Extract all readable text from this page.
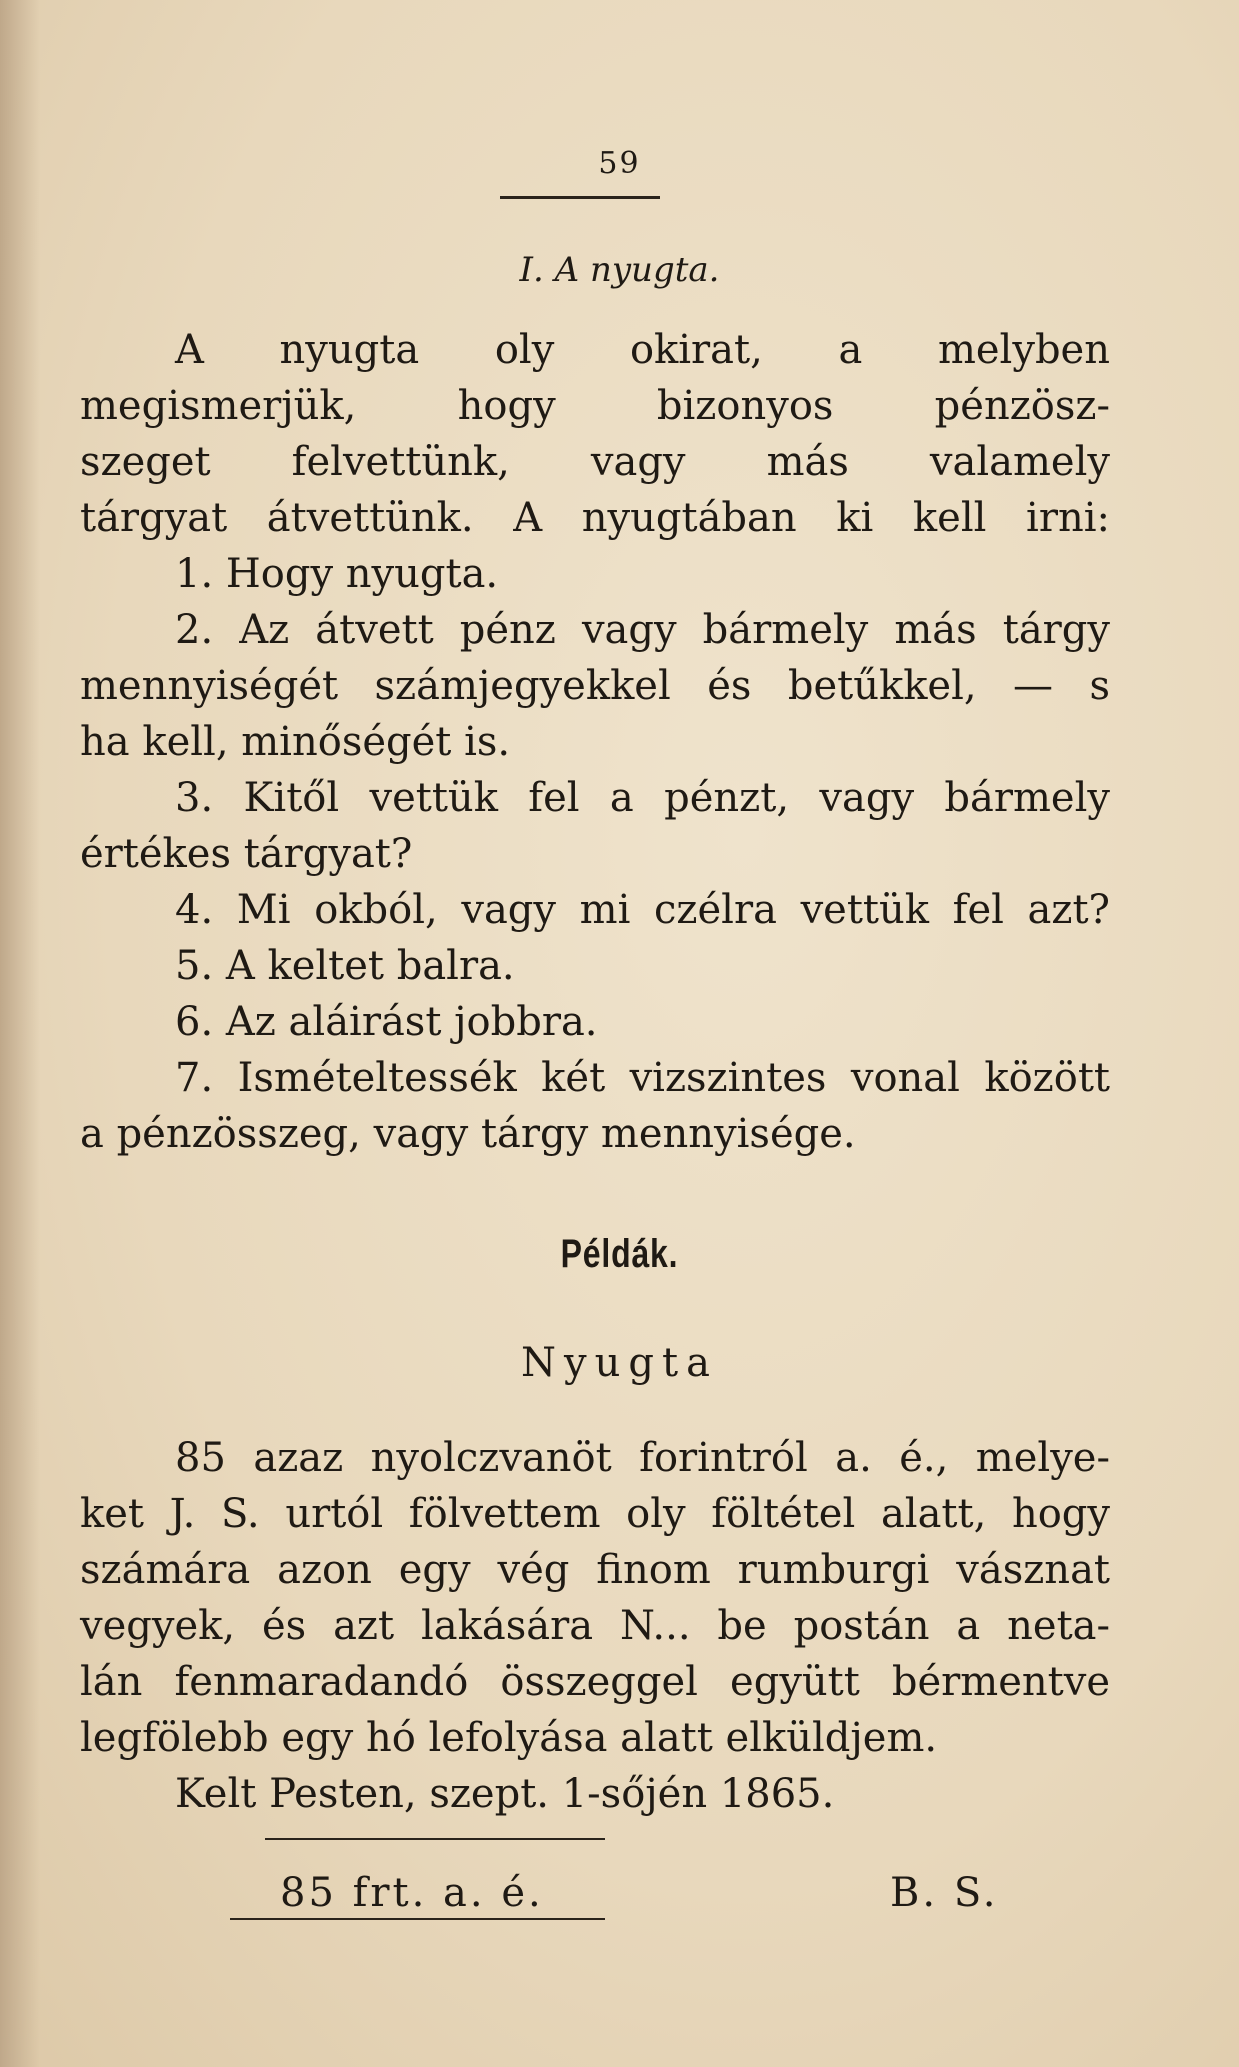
59
I. A nyugta.
A nyugta oly okirat, a melyben
megismerjük, hogy bizonyos pénzösz-
szeget felvettünk, vagy más valamely
tárgyat átvettünk. A nyugtában ki kell irni:
1. Hogy nyugta.
2. Az átvett pénz vagy bármely más tárgy
mennyiségét számjegyekkel és betűkkel, — s
ha kell, minőségét is.
3. Kitől vettük fel a pénzt, vagy bármely
értékes tárgyat?
4. Mi okból, vagy mi czélra vettük fel azt?
5. A keltet balra.
6. Az aláirást jobbra.
7. Ismételtessék két vizszintes vonal között
a pénzösszeg, vagy tárgy mennyisége.
Példák.
Nyugta
85 azaz nyolczvanöt forintról a. é., melye-
ket J. S. urtól fölvettem oly föltétel alatt, hogy
számára azon egy vég finom rumburgi vásznat
vegyek, és azt lakására N... be postán a neta-
lán fenmaradandó összeggel együtt bérmentve
legfölebb egy hó lefolyása alatt elküldjem.
Kelt Pesten, szept. 1-sőjén 1865.
85 frt. a. é.	B. S.
